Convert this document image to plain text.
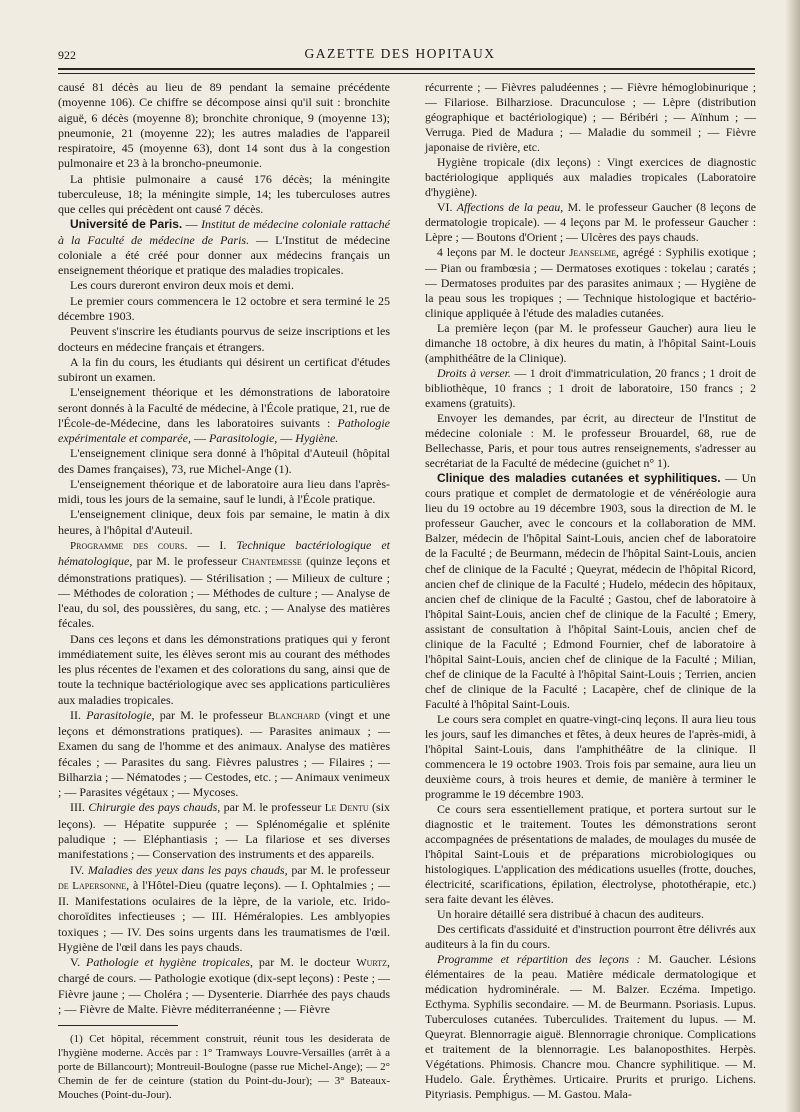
922	GAZETTE DES HOPITAUX

causé 81 décès au lieu de 89 pendant la semaine précédente (moyenne 106). Ce chiffre se décompose ainsi qu'il suit : bronchite aiguë, 6 décès (moyenne 8); bronchite chronique, 9 (moyenne 13); pneumonie, 21 (moyenne 22); les autres maladies de l'appareil respiratoire, 45 (moyenne 63), dont 14 sont dus à la congestion pulmonaire et 23 à la broncho-pneumonie.

La phtisie pulmonaire a causé 176 décès; la méningite tuberculeuse, 18; la méningite simple, 14; les tuberculoses autres que celles qui précèdent ont causé 7 décès.

Université de Paris. — Institut de médecine coloniale rattaché à la Faculté de médecine de Paris. — L'Institut de médecine coloniale a été créé pour donner aux médecins français un enseignement théorique et pratique des maladies tropicales.

Les cours dureront environ deux mois et demi.

Le premier cours commencera le 12 octobre et sera terminé le 25 décembre 1903.

Peuvent s'inscrire les étudiants pourvus de seize inscriptions et les docteurs en médecine français et étrangers.

A la fin du cours, les étudiants qui désirent un certificat d'études subiront un examen.

L'enseignement théorique et les démonstrations de laboratoire seront donnés à la Faculté de médecine, à l'École pratique, 21, rue de l'École-de-Médecine, dans les laboratoires suivants : Pathologie expérimentale et comparée, — Parasitologie, — Hygiène.

L'enseignement clinique sera donné à l'hôpital d'Auteuil (hôpital des Dames françaises), 73, rue Michel-Ange (1).

L'enseignement théorique et de laboratoire aura lieu dans l'après-midi, tous les jours de la semaine, sauf le lundi, à l'École pratique.

L'enseignement clinique, deux fois par semaine, le matin à dix heures, à l'hôpital d'Auteuil.

Programme des cours. — I. Technique bactériologique et hématologique, par M. le professeur Chantemesse (quinze leçons et démonstrations pratiques). — Stérilisation ; — Milieux de culture ; — Méthodes de coloration ; — Méthodes de culture ; — Analyse de l'eau, du sol, des poussières, du sang, etc. ; — Analyse des matières fécales.

Dans ces leçons et dans les démonstrations pratiques qui y feront immédiatement suite, les élèves seront mis au courant des méthodes les plus récentes de l'examen et des colorations du sang, ainsi que de toute la technique bactériologique avec ses applications particulières aux maladies tropicales.

II. Parasitologie, par M. le professeur Blanchard (vingt et une leçons et démonstrations pratiques). — Parasites animaux ; — Examen du sang de l'homme et des animaux. Analyse des matières fécales ; — Parasites du sang. Fièvres palustres ; — Filaires ; — Bilharzia ; — Nématodes ; — Cestodes, etc. ; — Animaux venimeux ; — Parasites végétaux ; — Mycoses.

III. Chirurgie des pays chauds, par M. le professeur Le Dentu (six leçons). — Hépatite suppurée ; — Splénomégalie et splénite paludique ; — Eléphantiasis ; — La filariose et ses diverses manifestations ; — Conservation des instruments et des appareils.

IV. Maladies des yeux dans les pays chauds, par M. le professeur de Lapersonne, à l'Hôtel-Dieu (quatre leçons). — I. Ophtalmies ; — II. Manifestations oculaires de la lèpre, de la variole, etc. Irido-choroïdites infectieuses ; — III. Héméralopies. Les amblyopies toxiques ; — IV. Des soins urgents dans les traumatismes de l'œil. Hygiène de l'œil dans les pays chauds.

V. Pathologie et hygiène tropicales, par M. le docteur Wurtz, chargé de cours. — Pathologie exotique (dix-sept leçons) : Peste ; — Fièvre jaune ; — Choléra ; — Dysenterie. Diarrhée des pays chauds ; — Fièvre de Malte. Fièvre méditerranéenne ; — Fièvre

(1) Cet hôpital, récemment construit, réunit tous les desiderata de l'hygiène moderne. Accès par : 1° Tramways Louvre-Versailles (arrêt à a porte de Billancourt); Montreuil-Boulogne (passe rue Michel-Ange); — 2° Chemin de fer de ceinture (station du Point-du-Jour); — 3° Bateaux-Mouches (Point-du-Jour).

récurrente ; — Fièvres paludéennes ; — Fièvre hémoglobinurique ; — Filariose. Bilharziose. Dracunculose ; — Lèpre (distribution géographique et bactériologique) ; — Béribéri ; — Aïnhum ; — Verruga. Pied de Madura ; — Maladie du sommeil ; — Fièvre japonaise de rivière, etc.

Hygiène tropicale (dix leçons) : Vingt exercices de diagnostic bactériologique appliqués aux maladies tropicales (Laboratoire d'hygiène).

VI. Affections de la peau, M. le professeur Gaucher (8 leçons de dermatologie tropicale). — 4 leçons par M. le professeur Gaucher : Lèpre ; — Boutons d'Orient ; — Ulcères des pays chauds.

4 leçons par M. le docteur Jeanselme, agrégé : Syphilis exotique ; — Pian ou frambœsia ; — Dermatoses exotiques : tokelau ; caratés ; — Dermatoses produites par des parasites animaux ; — Hygiène de la peau sous les tropiques ; — Technique histologique et bactério-clinique appliquée à l'étude des maladies cutanées.

La première leçon (par M. le professeur Gaucher) aura lieu le dimanche 18 octobre, à dix heures du matin, à l'hôpital Saint-Louis (amphithéâtre de la Clinique).

Droits à verser. — 1 droit d'immatriculation, 20 francs ; 1 droit de bibliothèque, 10 francs ; 1 droit de laboratoire, 150 francs ; 2 examens (gratuits).

Envoyer les demandes, par écrit, au directeur de l'Institut de médecine coloniale : M. le professeur Brouardel, 68, rue de Bellechasse, Paris, et pour tous autres renseignements, s'adresser au secrétariat de la Faculté de médecine (guichet n° 1).

Clinique des maladies cutanées et syphilitiques. — Un cours pratique et complet de dermatologie et de vénéréologie aura lieu du 19 octobre au 19 décembre 1903, sous la direction de M. le professeur Gaucher, avec le concours et la collaboration de MM. Balzer, médecin de l'hôpital Saint-Louis, ancien chef de laboratoire de la Faculté ; de Beurmann, médecin de l'hôpital Saint-Louis, ancien chef de clinique de la Faculté ; Queyrat, médecin de l'hôpital Ricord, ancien chef de clinique de la Faculté ; Hudelo, médecin des hôpitaux, ancien chef de clinique de la Faculté ; Gastou, chef de laboratoire à l'hôpital Saint-Louis, ancien chef de clinique de la Faculté ; Emery, assistant de consultation à l'hôpital Saint-Louis, ancien chef de clinique de la Faculté ; Edmond Fournier, chef de laboratoire à l'hôpital Saint-Louis, ancien chef de clinique de la Faculté ; Milian, chef de clinique de la Faculté à l'hôpital Saint-Louis ; Terrien, ancien chef de clinique de la Faculté ; Lacapère, chef de clinique de la Faculté à l'hôpital Saint-Louis.

Le cours sera complet en quatre-vingt-cinq leçons. Il aura lieu tous les jours, sauf les dimanches et fêtes, à deux heures de l'après-midi, à l'hôpital Saint-Louis, dans l'amphithéâtre de la clinique. Il commencera le 19 octobre 1903. Trois fois par semaine, aura lieu un deuxième cours, à trois heures et demie, de manière à terminer le programme le 19 décembre 1903.

Ce cours sera essentiellement pratique, et portera surtout sur le diagnostic et le traitement. Toutes les démonstrations seront accompagnées de présentations de malades, de moulages du musée de l'hôpital Saint-Louis et de préparations microbiologiques ou histologiques. L'application des médications usuelles (frotte, douches, électricité, scarifications, épilation, électrolyse, photothérapie, etc.) sera faite devant les élèves.

Un horaire détaillé sera distribué à chacun des auditeurs.

Des certificats d'assiduité et d'instruction pourront être délivrés aux auditeurs à la fin du cours.

Programme et répartition des leçons : M. Gaucher. Lésions élémentaires de la peau. Matière médicale dermatologique et médication hydrominérale. — M. Balzer. Eczéma. Impetigo. Ecthyma. Syphilis secondaire. — M. de Beurmann. Psoriasis. Lupus. Tuberculoses cutanées. Tuberculides. Traitement du lupus. — M. Queyrat. Blennorragie aiguë. Blennorragie chronique. Complications et traitement de la blennorragie. Les balanoposthites. Herpès. Végétations. Phimosis. Chancre mou. Chancre syphilitique. — M. Hudelo. Gale. Érythèmes. Urticaire. Prurits et prurigo. Lichens. Pityriasis. Pemphigus. — M. Gastou. Mala-
